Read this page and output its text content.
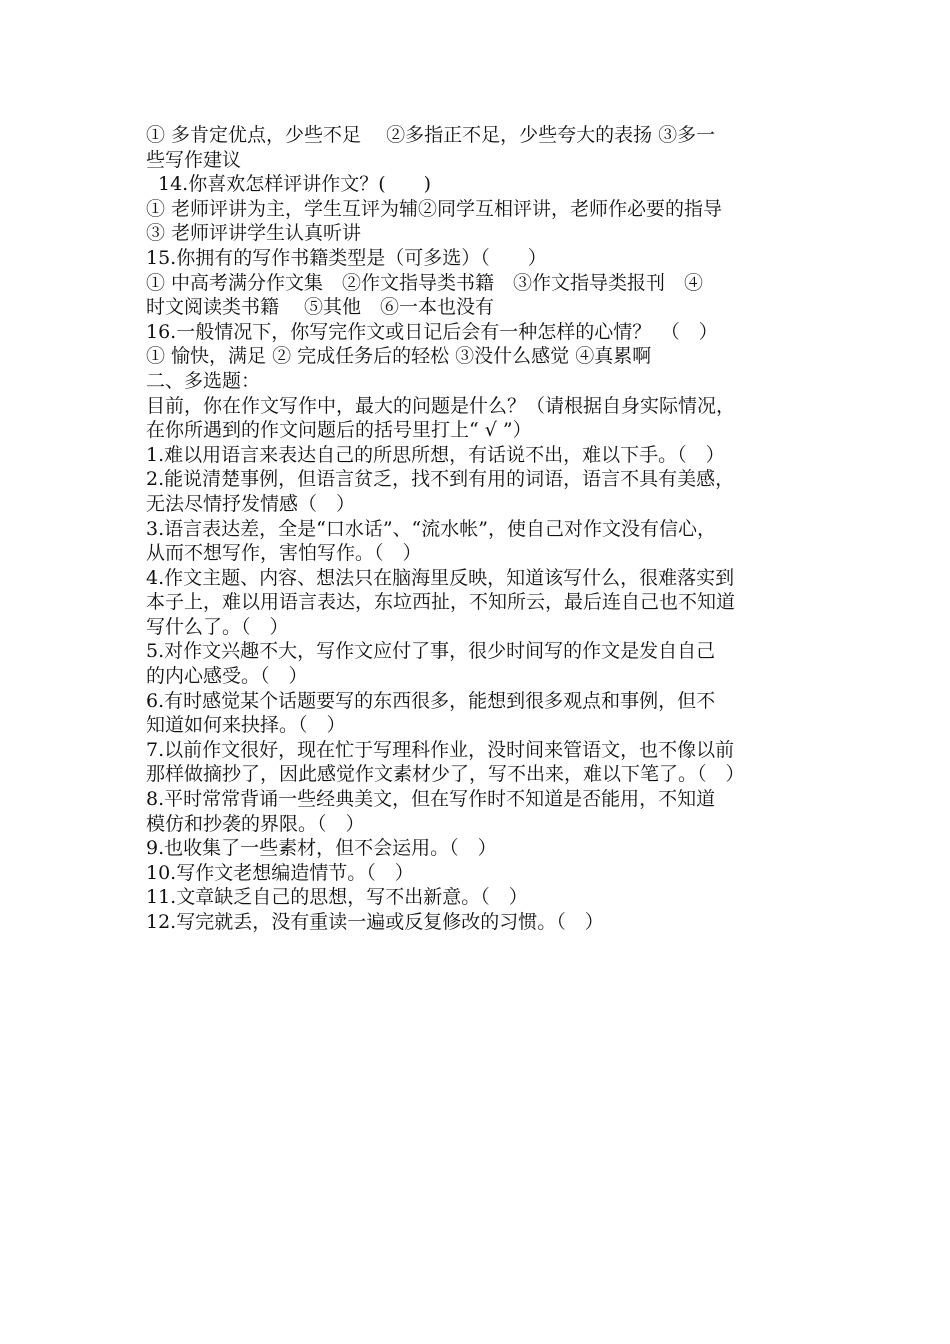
① 多肯定优点，少些不足　 ②多指正不足，少些夸大的表扬 ③多一
些写作建议
14.你喜欢怎样评讲作文？(　　)
① 老师评讲为主，学生互评为辅②同学互相评讲，老师作必要的指导
③ 老师评讲学生认真听讲
15.你拥有的写作书籍类型是（可多选）（　　）
① 中高考满分作文集　②作文指导类书籍　③作文指导类报刊　④
时文阅读类书籍　 ⑤其他　⑥一本也没有
16.一般情况下，你写完作文或日记后会有一种怎样的心情？　（　）
① 愉快，满足 ② 完成任务后的轻松 ③没什么感觉 ④真累啊
二、多选题：
目前，你在作文写作中，最大的问题是什么？（请根据自身实际情况，
在你所遇到的作文问题后的括号里打上“ √ ”）
1.难以用语言来表达自己的所思所想，有话说不出，难以下手。（　）
2.能说清楚事例，但语言贫乏，找不到有用的词语，语言不具有美感，
无法尽情抒发情感（　）
3.语言表达差，全是“口水话”、“流水帐”，使自己对作文没有信心，
从而不想写作，害怕写作。（　）
4.作文主题、内容、想法只在脑海里反映，知道该写什么，很难落实到
本子上，难以用语言表达，东垃西扯，不知所云，最后连自己也不知道
写什么了。（　）
5.对作文兴趣不大，写作文应付了事，很少时间写的作文是发自自己
的内心感受。（　）
6.有时感觉某个话题要写的东西很多，能想到很多观点和事例，但不
知道如何来抉择。（　）
7.以前作文很好，现在忙于写理科作业，没时间来管语文，也不像以前
那样做摘抄了，因此感觉作文素材少了，写不出来，难以下笔了。（　）
8.平时常常背诵一些经典美文，但在写作时不知道是否能用，不知道
模仿和抄袭的界限。（　）
9.也收集了一些素材，但不会运用。（　）
10.写作文老想编造情节。（　）
11.文章缺乏自己的思想，写不出新意。（　）
12.写完就丢，没有重读一遍或反复修改的习惯。（　）
